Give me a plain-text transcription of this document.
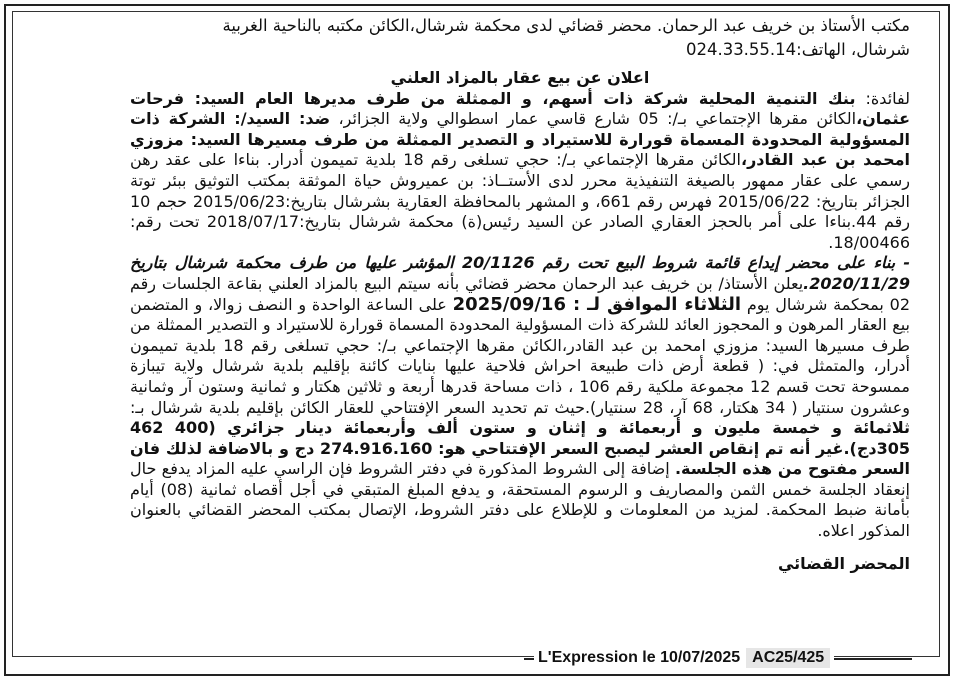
مكتب الأستاذ بن خريف عبد الرحمان. محضر قضائي لدى محكمة شرشال،الكائن مكتبه بالناحية الغربية
شرشال، الهاتف:024.33.55.14

اعلان عن بيع عقار بالمزاد العلني

لفائدة: بنك التنمية المحلية شركة ذات أسهم، و الممثلة من طرف مديرها العام السيد: فرحات عثمان،الكائن مقرها الإجتماعي بـ/: 05 شارع قاسي عمار اسطوالي ولاية الجزائر، ضد: السيد/: الشركة ذات المسؤولية المحدودة المسماة قورارة للاستيراد و التصدير الممثلة من طرف مسيرها السيد: مزوزي امحمد بن عبد القادر،الكائن مقرها الإجتماعي بـ/: حجي تسلغى رقم 18 بلدية تميمون أدرار. بناءا على عقد رهن رسمي على عقار ممهور بالصيغة التنفيذية محرر لدى الأستــاذ: بن عميروش حياة الموثقة بمكتب التوثيق ببئر توتة الجزائر بتاريخ: 2015/06/22 فهرس رقم 661، و المشهر بالمحافظة العقارية بشرشال بتاريخ:2015/06/23 حجم 10 رقم 44.بناءا على أمر بالحجز العقاري الصادر عن السيد رئيس(ة) محكمة شرشال بتاريخ:2018/07/17 تحت رقم: 18/00466.

- بناء على محضر إيداع قائمة شروط البيع تحت رقم 20/1126 المؤشر عليها من طرف محكمة شرشال بتاريخ 2020/11/29.يعلن الأستاذ/ بن خريف عبد الرحمان محضر قضائي بأنه سيتم البيع بالمزاد العلني بقاعة الجلسات رقم 02 بمحكمة شرشال يوم الثلاثاء الموافق لـ : 2025/09/16 على الساعة الواحدة و النصف زوالا، و المتضمن بيع العقار المرهون و المحجوز العائد للشركة ذات المسؤولية المحدودة المسماة قورارة للاستيراد و التصدير الممثلة من طرف مسيرها السيد: مزوزي امحمد بن عبد القادر،الكائن مقرها الإجتماعي بـ/: حجي تسلغى رقم 18 بلدية تميمون أدرار، والمتمثل في: ( قطعة أرض ذات طبيعة احراش فلاحية عليها بنايات كائنة بإقليم بلدية شرشال ولاية تيبازة ممسوحة تحت قسم 12 مجموعة ملكية رقم 106 ، ذات مساحة قدرها أربعة و ثلاثين هكتار و ثمانية وستون آر وثمانية وعشرون سنتيار ( 34 هكتار، 68 آر، 28 سنتيار).حيث تم تحديد السعر الإفتتاحي للعقار الكائن بإقليم بلدية شرشال بـ: ثلاثمائة و خمسة مليون و أربعمائة و إثنان و ستون ألف وأربعمائة دينار جزائري (400 462 305دج).غير أنه تم إنقاص العشر ليصبح السعر الإفتتاحي هو: 274.916.160 دج و بالاضافة لذلك فان السعر مفتوح من هذه الجلسة. إضافة إلى الشروط المذكورة في دفتر الشروط فإن الراسي عليه المزاد يدفع حال إنعقاد الجلسة خمس الثمن والمصاريف و الرسوم المستحقة، و يدفع المبلغ المتبقي في أجل أقصاه ثمانية (08) أيام بأمانة ضبط المحكمة. لمزيد من المعلومات و للإطلاع على دفتر الشروط، الإتصال بمكتب المحضر القضائي بالعنوان المذكور اعلاه.

المحضر القضائي
L'Expression le 10/07/2025 AC25/425
